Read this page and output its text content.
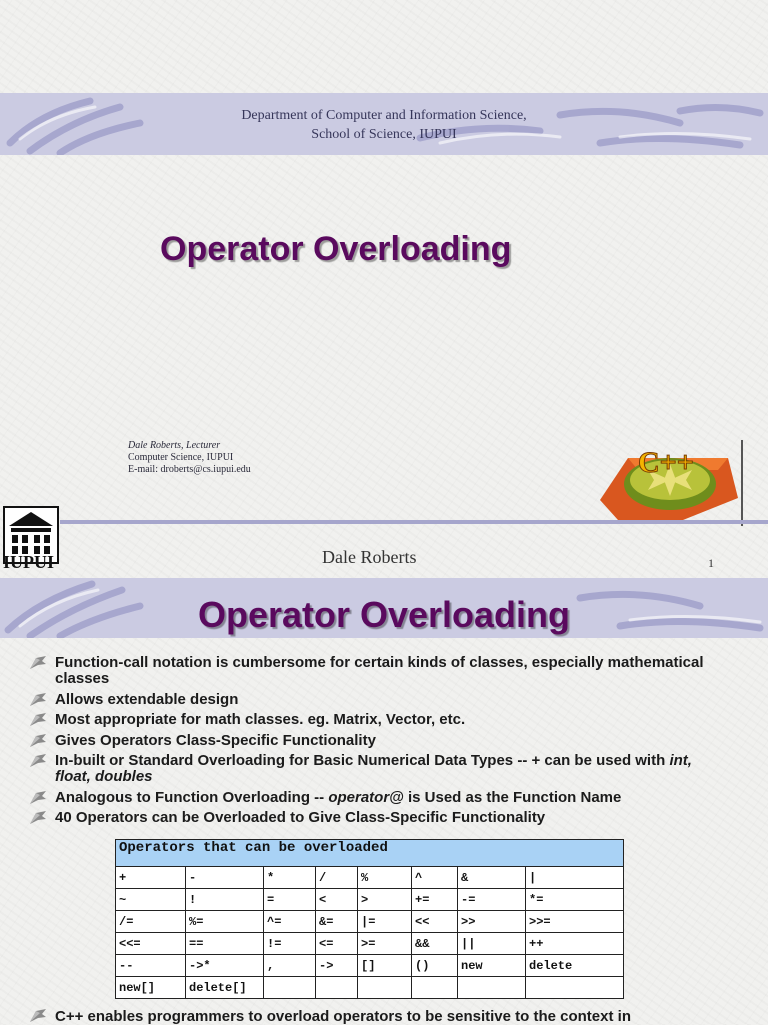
Department of Computer and Information Science,
School of Science, IUPUI
Operator Overloading
Dale Roberts, Lecturer
Computer Science, IUPUI
E-mail: droberts@cs.iupui.edu	C++
IUPUI	Dale Roberts	1
Operator Overloading
Function-call notation is cumbersome for certain kinds of classes, especially mathematical classes
Allows extendable design
Most appropriate for math classes. eg. Matrix, Vector, etc.
Gives Operators Class-Specific Functionality
In-built or Standard Overloading for Basic Numerical Data Types -- + can be used with int, float, doubles
Analogous to Function Overloading -- operator@ is Used as the Function Name
40 Operators can be Overloaded to Give Class-Specific Functionality
Operators that can be overloaded							
+	-	*	/	%	^	&	|
~	!	=	<	>	+=	-=	*=
/=	%=	^=	&=	|=	<<	>>	>>=
<<=	==	!=	<=	>=	&&	||	++
--	->*	,	->	[]	()	new	delete
new[]	delete[]						
C++ enables programmers to overload operators to be sensitive to the context in
